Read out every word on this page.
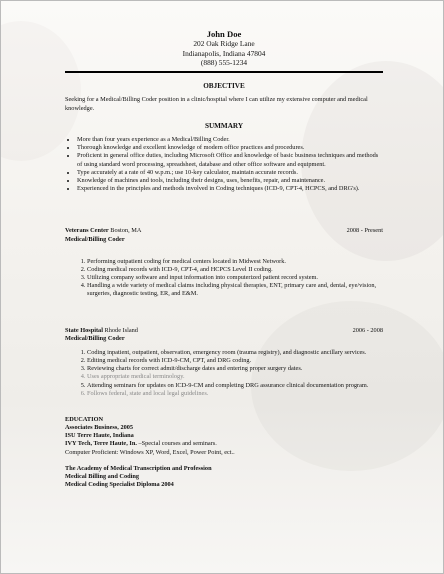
John Doe
202 Oak Ridge Lane
Indianapolis, Indiana 47804
(888) 555-1234
OBJECTIVE

Seeking for a Medical/Billing Coder position in a clinic/hospital where I can utilize my extensive computer and medical knowledge.

SUMMARY
• More than four years experience as a Medical/Billing Coder.
• Thorough knowledge and excellent knowledge of modern office practices and procedures.
• Proficient in general office duties, including Microsoft Office and knowledge of basic business techniques and methods of using standard word processing, spreadsheet, database and other office software and equipment.
• Type accurately at a rate of 40 w.p.m.; use 10-key calculator, maintain accurate records.
• Knowledge of machines and tools, including their designs, uses, benefits, repair, and maintenance.
• Experienced in the principles and methods involved in Coding techniques (ICD-9, CPT-4, HCPCS, and DRG's).
Veterans Center Boston, MA	2008 - Present
Medical/Billing Coder
1. Performing outpatient coding for medical centers located in Midwest Network.
2. Coding medical records with ICD-9, CPT-4, and HCPCS Level II coding.
3. Utilizing company software and input information into computerized patient record system.
4. Handling a wide variety of medical claims including physical therapies, ENT, primary care and, dental, eye/vision, surgeries, diagnostic testing, ER, and E&M.
State Hospital Rhode Island	2006 - 2008
Medical/Billing Coder
1. Coding inpatient, outpatient, observation, emergency room (trauma registry), and diagnostic ancillary services.
2. Editing medical records with ICD-9-CM, CPT, and DRG coding.
3. Reviewing charts for correct admit/discharge dates and entering proper surgery dates.
4. Uses appropriate medical terminology.
5. Attending seminars for updates on ICD-9-CM and completing DRG assurance clinical documentation program.
6. Follows federal, state and local legal guidelines.
EDUCATION
Associates Business, 2005
ISU Terre Haute, Indiana
IVY Tech, Terre Haute, In. –Special courses and seminars.
Computer Proficient: Windows XP, Word, Excel, Power Point, ect..
The Academy of Medical Transcription and Profession
Medical Billing and Coding
Medical Coding Specialist Diploma 2004
